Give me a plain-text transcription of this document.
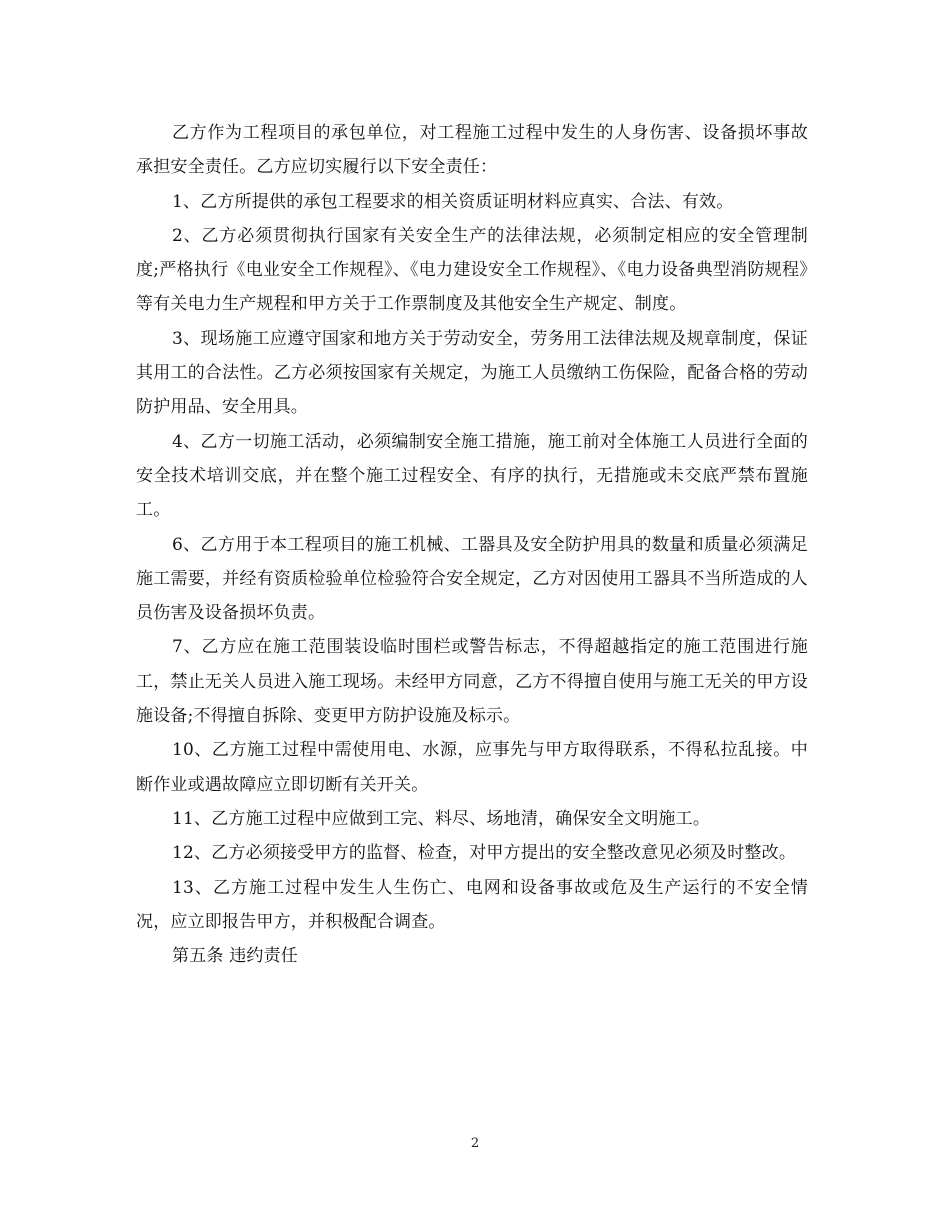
乙方作为工程项目的承包单位，对工程施工过程中发生的人身伤害、设备损坏事故承担安全责任。乙方应切实履行以下安全责任：

1、乙方所提供的承包工程要求的相关资质证明材料应真实、合法、有效。

2、乙方必须贯彻执行国家有关安全生产的法律法规，必须制定相应的安全管理制度;严格执行《电业安全工作规程》、《电力建设安全工作规程》、《电力设备典型消防规程》等有关电力生产规程和甲方关于工作票制度及其他安全生产规定、制度。

3、现场施工应遵守国家和地方关于劳动安全，劳务用工法律法规及规章制度，保证其用工的合法性。乙方必须按国家有关规定，为施工人员缴纳工伤保险，配备合格的劳动防护用品、安全用具。

4、乙方一切施工活动，必须编制安全施工措施，施工前对全体施工人员进行全面的安全技术培训交底，并在整个施工过程安全、有序的执行，无措施或未交底严禁布置施工。

6、乙方用于本工程项目的施工机械、工器具及安全防护用具的数量和质量必须满足施工需要，并经有资质检验单位检验符合安全规定，乙方对因使用工器具不当所造成的人员伤害及设备损坏负责。

7、乙方应在施工范围装设临时围栏或警告标志，不得超越指定的施工范围进行施工，禁止无关人员进入施工现场。未经甲方同意，乙方不得擅自使用与施工无关的甲方设施设备;不得擅自拆除、变更甲方防护设施及标示。

10、乙方施工过程中需使用电、水源，应事先与甲方取得联系，不得私拉乱接。中断作业或遇故障应立即切断有关开关。

11、乙方施工过程中应做到工完、料尽、场地清，确保安全文明施工。

12、乙方必须接受甲方的监督、检查，对甲方提出的安全整改意见必须及时整改。

13、乙方施工过程中发生人生伤亡、电网和设备事故或危及生产运行的不安全情况，应立即报告甲方，并积极配合调查。

第五条 违约责任

2
